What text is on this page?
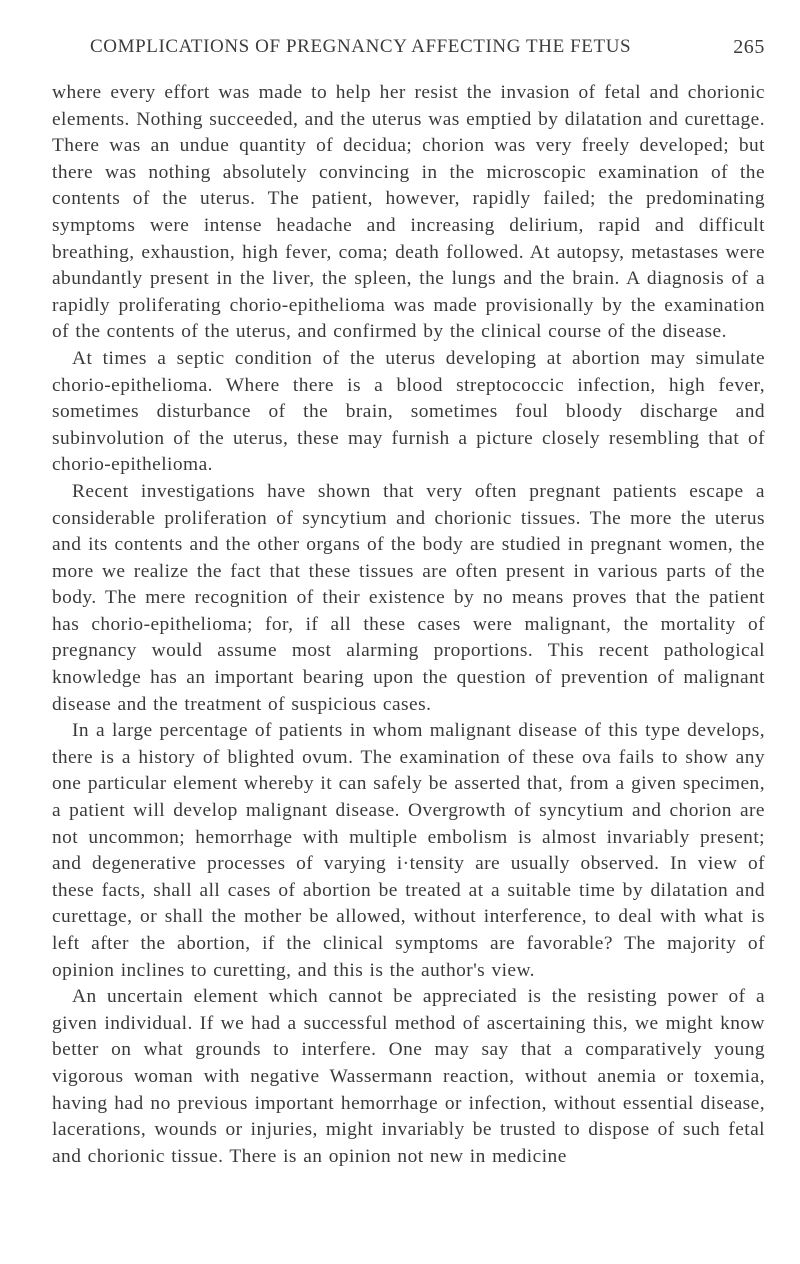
COMPLICATIONS OF PREGNANCY AFFECTING THE FETUS	265

where every effort was made to help her resist the invasion of fetal and chorionic elements. Nothing succeeded, and the uterus was emptied by dilatation and curettage. There was an undue quantity of decidua; chorion was very freely developed; but there was nothing absolutely convincing in the microscopic examination of the contents of the uterus. The patient, however, rapidly failed; the predominating symptoms were intense headache and increasing delirium, rapid and difficult breathing, exhaustion, high fever, coma; death followed. At autopsy, metastases were abundantly present in the liver, the spleen, the lungs and the brain. A diagnosis of a rapidly proliferating chorio-epithelioma was made provisionally by the examination of the contents of the uterus, and confirmed by the clinical course of the disease.

At times a septic condition of the uterus developing at abortion may simulate chorio-epithelioma. Where there is a blood streptococcic infection, high fever, sometimes disturbance of the brain, sometimes foul bloody discharge and subinvolution of the uterus, these may furnish a picture closely resembling that of chorio-epithelioma.

Recent investigations have shown that very often pregnant patients escape a considerable proliferation of syncytium and chorionic tissues. The more the uterus and its contents and the other organs of the body are studied in pregnant women, the more we realize the fact that these tissues are often present in various parts of the body. The mere recognition of their existence by no means proves that the patient has chorio-epithelioma; for, if all these cases were malignant, the mortality of pregnancy would assume most alarming proportions. This recent pathological knowledge has an important bearing upon the question of prevention of malignant disease and the treatment of suspicious cases.

In a large percentage of patients in whom malignant disease of this type develops, there is a history of blighted ovum. The examination of these ova fails to show any one particular element whereby it can safely be asserted that, from a given specimen, a patient will develop malignant disease. Overgrowth of syncytium and chorion are not uncommon; hemorrhage with multiple embolism is almost invariably present; and degenerative processes of varying i·tensity are usually observed. In view of these facts, shall all cases of abortion be treated at a suitable time by dilatation and curettage, or shall the mother be allowed, without interference, to deal with what is left after the abortion, if the clinical symptoms are favorable? The majority of opinion inclines to curetting, and this is the author's view.

An uncertain element which cannot be appreciated is the resisting power of a given individual. If we had a successful method of ascertaining this, we might know better on what grounds to interfere. One may say that a comparatively young vigorous woman with negative Wassermann reaction, without anemia or toxemia, having had no previous important hemorrhage or infection, without essential disease, lacerations, wounds or injuries, might invariably be trusted to dispose of such fetal and chorionic tissue. There is an opinion not new in medicine
